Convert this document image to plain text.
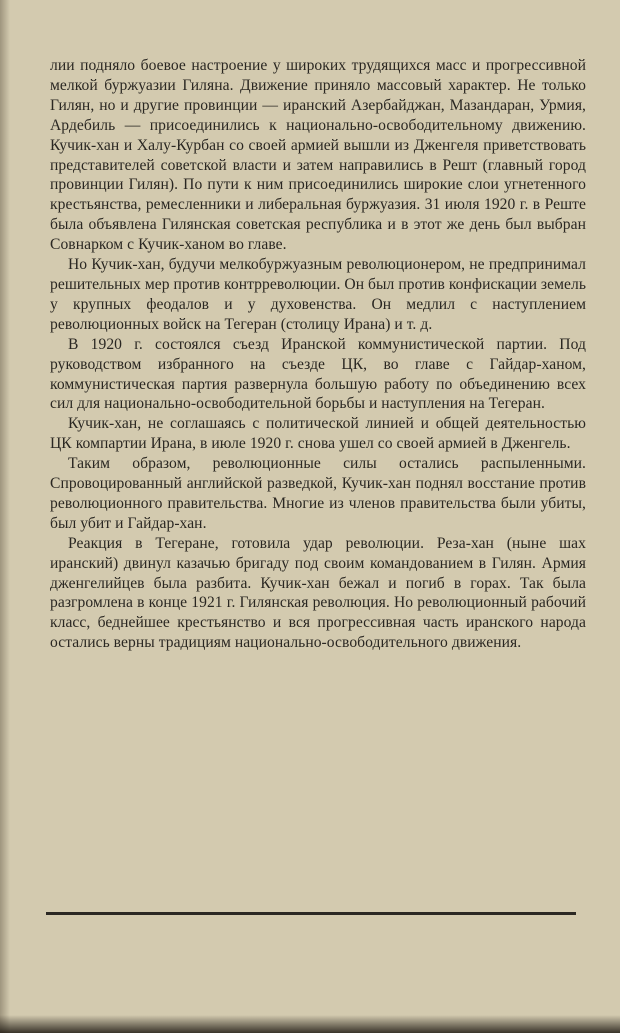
лии подняло боевое настроение у широких трудящихся масс и прогрессивной мелкой буржуазии Гиляна. Движение приняло массовый характер. Не только Гилян, но и другие провинции — иранский Азербайджан, Мазандаран, Урмия, Ардебиль — присоединились к национально-освободительному движению. Кучик-хан и Халу-Курбан со своей армией вышли из Дженгеля приветствовать представителей советской власти и затем направились в Решт (главный город провинции Гилян). По пути к ним присоединились широкие слои угнетенного крестьянства, ремесленники и либеральная буржуазия. 31 июля 1920 г. в Реште была объявлена Гилянская советская республика и в этот же день был выбран Совнарком с Кучик-ханом во главе.

Но Кучик-хан, будучи мелкобуржуазным революционером, не предпринимал решительных мер против контрреволюции. Он был против конфискации земель у крупных феодалов и у духовенства. Он медлил с наступлением революционных войск на Тегеран (столицу Ирана) и т. д.

В 1920 г. состоялся съезд Иранской коммунистической партии. Под руководством избранного на съезде ЦК, во главе с Гайдар-ханом, коммунистическая партия развернула большую работу по объединению всех сил для национально-освободительной борьбы и наступления на Тегеран.

Кучик-хан, не соглашаясь с политической линией и общей деятельностью ЦК компартии Ирана, в июле 1920 г. снова ушел со своей армией в Дженгель.

Таким образом, революционные силы остались распыленными. Спровоцированный английской разведкой, Кучик-хан поднял восстание против революционного правительства. Многие из членов правительства были убиты, был убит и Гайдар-хан.

Реакция в Тегеране, готовила удар революции. Реза-хан (ныне шах иранский) двинул казачью бригаду под своим командованием в Гилян. Армия дженгелийцев была разбита. Кучик-хан бежал и погиб в горах. Так была разгромлена в конце 1921 г. Гилянская революция. Но революционный рабочий класс, беднейшее крестьянство и вся прогрессивная часть иранского народа остались верны традициям национально-освободительного движения.
